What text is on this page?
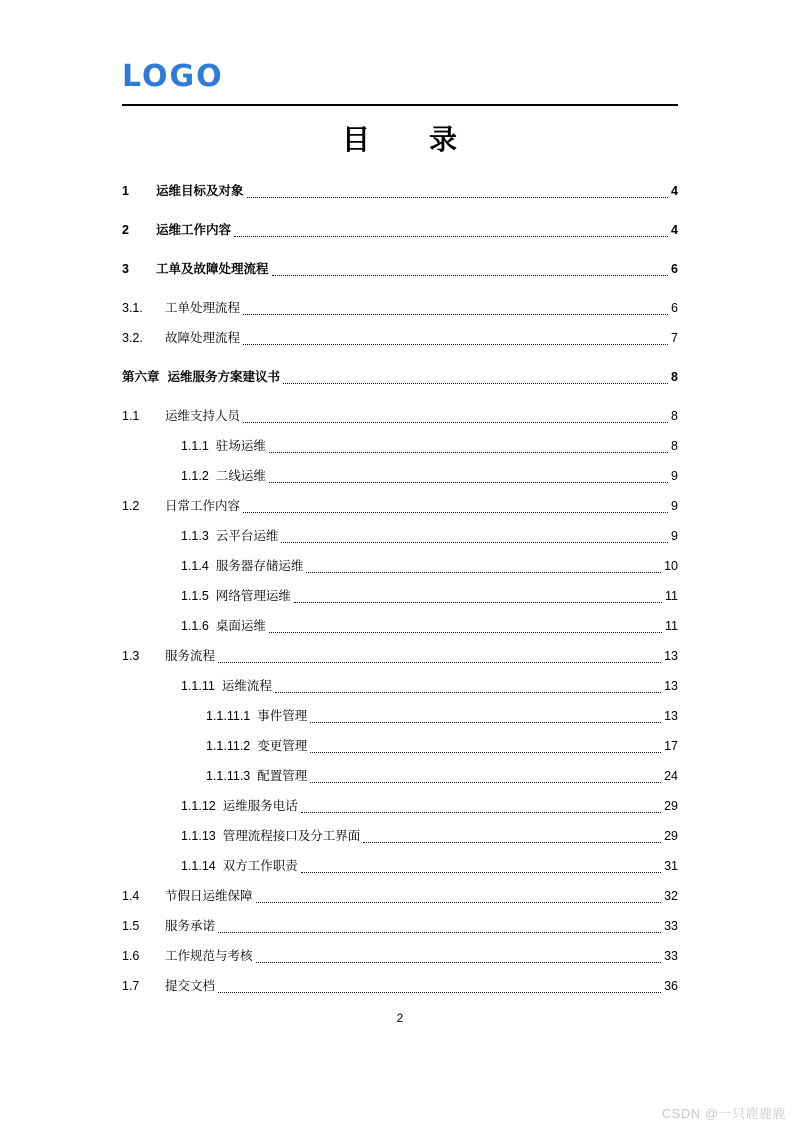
LOGO
目　　录
1	运维目标及对象	4
2	运维工作内容	4
3	工单及故障处理流程	6
3.1.	工单处理流程	6
3.2.	故障处理流程	7
第六章 运维服务方案建议书	8
1.1	运维支持人员	8
1.1.1 驻场运维	8
1.1.2 二线运维	9
1.2	日常工作内容	9
1.1.3 云平台运维	9
1.1.4 服务器存储运维	10
1.1.5 网络管理运维	11
1.1.6 桌面运维	11
1.3	服务流程	13
1.1.11 运维流程	13
1.1.11.1 事件管理	13
1.1.11.2 变更管理	17
1.1.11.3 配置管理	24
1.1.12 运维服务电话	29
1.1.13 管理流程接口及分工界面	29
1.1.14 双方工作职责	31
1.4	节假日运维保障	32
1.5	服务承诺	33
1.6	工作规范与考核	33
1.7	提交文档	36
2
CSDN @一只鹿鹿鹿
